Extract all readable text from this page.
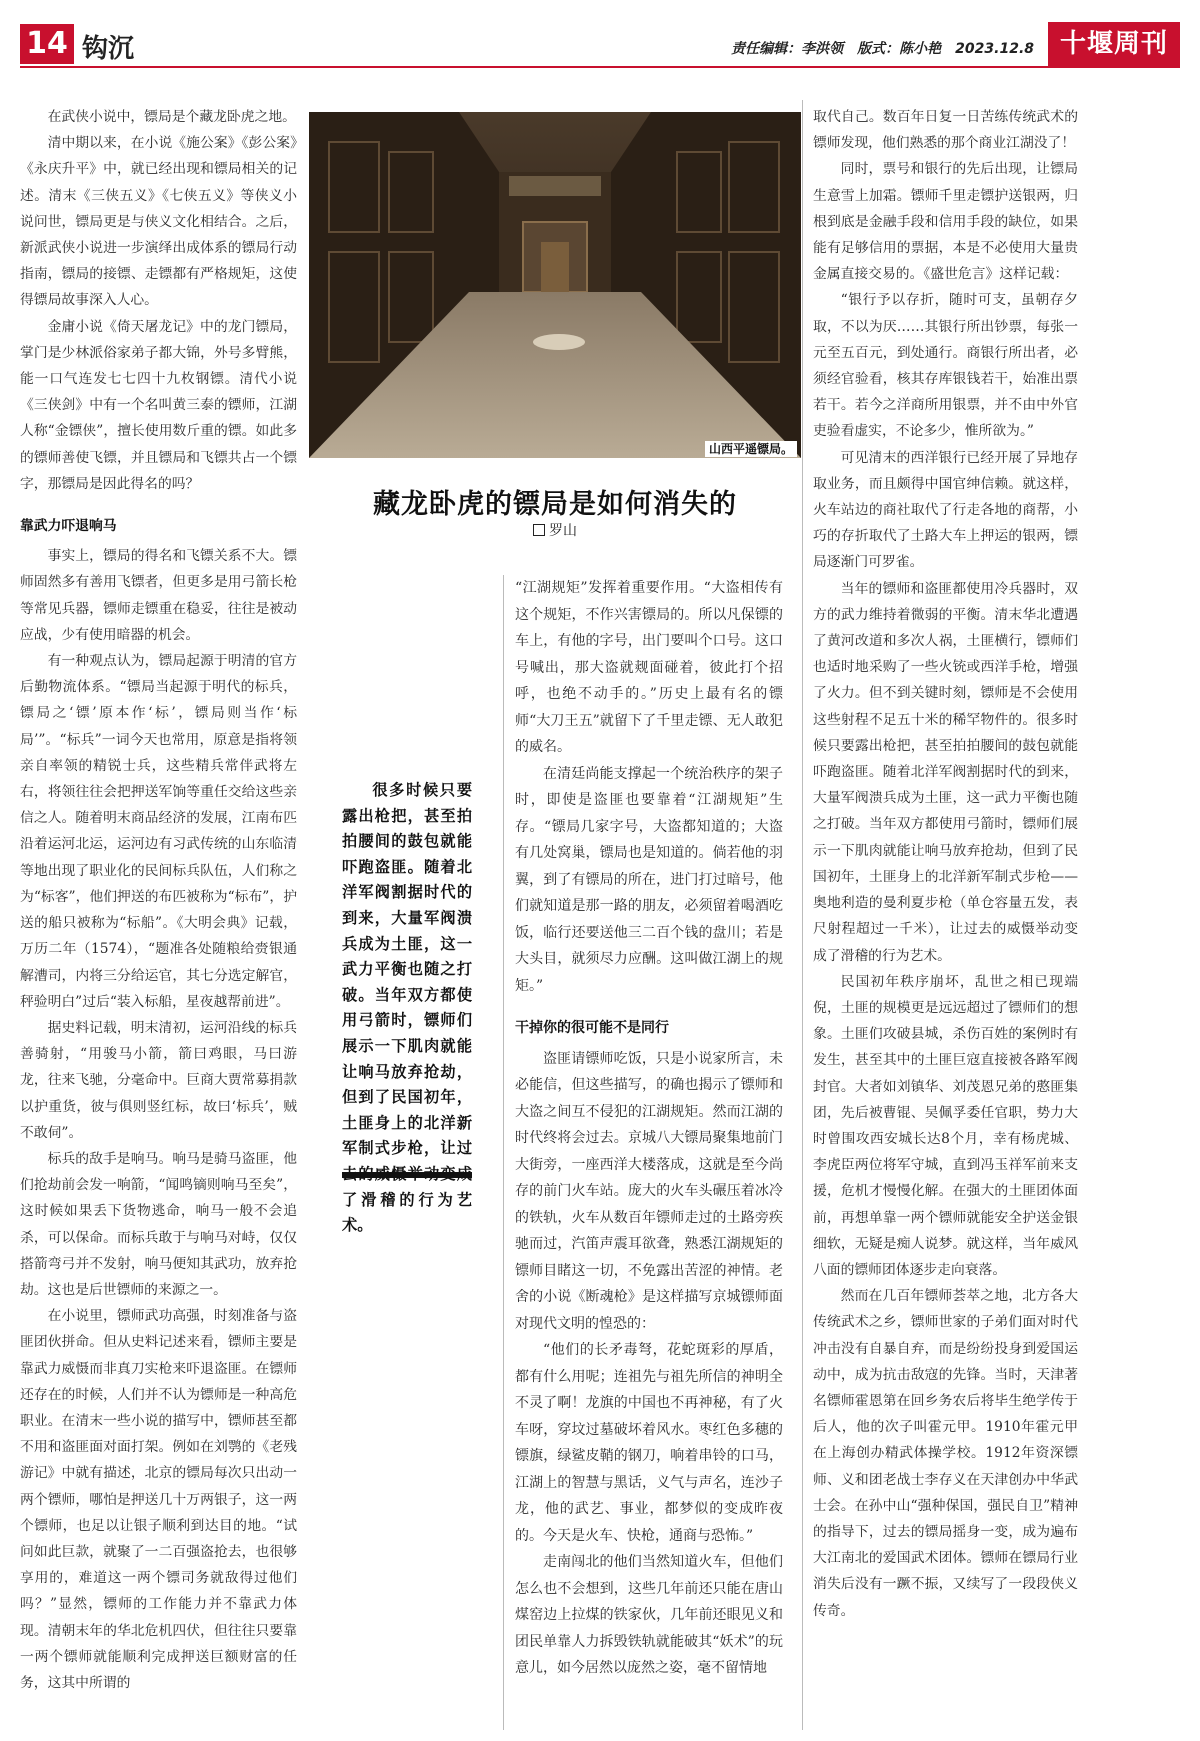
14 钩沉	责任编辑：李洪领 版式：陈小艳 2023.12.8 十堰周刊

在武侠小说中，镖局是个藏龙卧虎之地。

清中期以来，在小说《施公案》《彭公案》《永庆升平》中，就已经出现和镖局相关的记述。清末《三侠五义》《七侠五义》等侠义小说问世，镖局更是与侠义文化相结合。之后，新派武侠小说进一步演绎出成体系的镖局行动指南，镖局的接镖、走镖都有严格规矩，这使得镖局故事深入人心。

金庸小说《倚天屠龙记》中的龙门镖局，掌门是少林派俗家弟子都大锦，外号多臂熊，能一口气连发七七四十九枚钢镖。清代小说《三侠剑》中有一个名叫黄三泰的镖师，江湖人称“金镖侠”，擅长使用数斤重的镖。如此多的镖师善使飞镖，并且镖局和飞镖共占一个镖字，那镖局是因此得名的吗？

靠武力吓退响马

事实上，镖局的得名和飞镖关系不大。镖师固然多有善用飞镖者，但更多是用弓箭长枪等常见兵器，镖师走镖重在稳妥，往往是被动应战，少有使用暗器的机会。

有一种观点认为，镖局起源于明清的官方后勤物流体系。“镖局当起源于明代的标兵，镖局之‘镖’原本作‘标’，镖局则当作‘标局’”。“标兵”一词今天也常用，原意是指将领亲自率领的精锐士兵，这些精兵常伴武将左右，将领往往会把押送军饷等重任交给这些亲信之人。随着明末商品经济的发展，江南布匹沿着运河北运，运河边有习武传统的山东临清等地出现了职业化的民间标兵队伍，人们称之为“标客”，他们押送的布匹被称为“标布”，护送的船只被称为“标船”。《大明会典》记载，万历二年（1574），“题准各处随粮给赍银通解漕司，内将三分给运官，其七分选定解官，秤验明白”过后“装入标船，星夜越帮前进”。

据史料记载，明末清初，运河沿线的标兵善骑射，“用骏马小箭，箭曰鸡眼，马曰游龙，往来飞驰，分毫命中。巨商大贾常募捐款以护重货，彼与俱则竖红标，故曰‘标兵’，贼不敢伺”。

标兵的敌手是响马。响马是骑马盗匪，他们抢劫前会发一响箭，“闻鸣镝则响马至矣”，这时候如果丢下货物逃命，响马一般不会追杀，可以保命。而标兵敢于与响马对峙，仅仅搭箭弯弓并不发射，响马便知其武功，放弃抢劫。这也是后世镖师的来源之一。

在小说里，镖师武功高强，时刻准备与盗匪团伙拼命。但从史料记述来看，镖师主要是靠武力威慑而非真刀实枪来吓退盗匪。在镖师还存在的时候，人们并不认为镖师是一种高危职业。在清末一些小说的描写中，镖师甚至都不用和盗匪面对面打架。例如在刘鹗的《老残游记》中就有描述，北京的镖局每次只出动一两个镖师，哪怕是押送几十万两银子，这一两个镖师，也足以让银子顺利到达目的地。“试问如此巨款，就聚了一二百强盗抢去，也很够享用的，难道这一两个镖司务就敌得过他们吗？”显然，镖师的工作能力并不靠武力体现。清朝末年的华北危机四伏，但往往只要靠一两个镖师就能顺利完成押送巨额财富的任务，这其中所谓的

山西平遥镖局。
藏龙卧虎的镖局是如何消失的
罗山

很多时候只要露出枪把，甚至拍拍腰间的鼓包就能吓跑盗匪。随着北洋军阀割据时代的到来，大量军阀溃兵成为土匪，这一武力平衡也随之打破。当年双方都使用弓箭时，镖师们展示一下肌肉就能让响马放弃抢劫，但到了民国初年，土匪身上的北洋新军制式步枪，让过 了滑稽的行为艺术。

“江湖规矩”发挥着重要作用。“大盗相传有这个规矩，不作兴害镖局的。所以凡保镖的车上，有他的字号，出门要叫个口号。这口号喊出，那大盗就觌面碰着，彼此打个招呼，也绝不动手的。”历史上最有名的镖师“大刀王五”就留下了千里走镖、无人敢犯的威名。

在清廷尚能支撑起一个统治秩序的架子时，即使是盗匪也要靠着“江湖规矩”生存。“镖局几家字号，大盗都知道的；大盗有几处窝巢，镖局也是知道的。倘若他的羽翼，到了有镖局的所在，进门打过暗号，他们就知道是那一路的朋友，必须留着喝酒吃饭，临行还要送他三二百个钱的盘川；若是大头目，就须尽力应酬。这叫做江湖上的规矩。”

干掉你的很可能不是同行

盗匪请镖师吃饭，只是小说家所言，未必能信，但这些描写，的确也揭示了镖师和大盗之间互不侵犯的江湖规矩。然而江湖的时代终将会过去。京城八大镖局聚集地前门大街旁，一座西洋大楼落成，这就是至今尚存的前门火车站。庞大的火车头碾压着冰冷的铁轨，火车从数百年镖师走过的土路旁疾驰而过，汽笛声震耳欲聋，熟悉江湖规矩的镖师目睹这一切，不免露出苦涩的神情。老舍的小说《断魂枪》是这样描写京城镖师面对现代文明的惶恐的：

“他们的长矛毒弩，花蛇斑彩的厚盾，都有什么用呢；连祖先与祖先所信的神明全不灵了啊！龙旗的中国也不再神秘，有了火车呀，穿坟过墓破坏着风水。枣红色多穗的镖旗，绿鲨皮鞘的钢刀，响着串铃的口马，江湖上的智慧与黑话，义气与声名，连沙子龙，他的武艺、事业，都梦似的变成昨夜的。今天是火车、快枪，通商与恐怖。”

走南闯北的他们当然知道火车，但他们怎么也不会想到，这些几年前还只能在唐山煤窑边上拉煤的铁家伙，几年前还眼见义和团民单靠人力拆毁铁轨就能破其“妖术”的玩意儿，如今居然以庞然之姿，毫不留情地

取代自己。数百年日复一日苦练传统武术的镖师发现，他们熟悉的那个商业江湖没了！

同时，票号和银行的先后出现，让镖局生意雪上加霜。镖师千里走镖护送银两，归根到底是金融手段和信用手段的缺位，如果能有足够信用的票据，本是不必使用大量贵金属直接交易的。《盛世危言》这样记载：

“银行予以存折，随时可支，虽朝存夕取，不以为厌……其银行所出钞票，每张一元至五百元，到处通行。商银行所出者，必须经官验看，核其存库银钱若干，始准出票若干。若今之洋商所用银票，并不由中外官吏验看虚实，不论多少，惟所欲为。”

可见清末的西洋银行已经开展了异地存取业务，而且颇得中国官绅信赖。就这样，火车站边的商社取代了行走各地的商帮，小巧的存折取代了土路大车上押运的银两，镖局逐渐门可罗雀。

当年的镖师和盗匪都使用冷兵器时，双方的武力维持着微弱的平衡。清末华北遭遇了黄河改道和多次人祸，土匪横行，镖师们也适时地采购了一些火铳或西洋手枪，增强了火力。但不到关键时刻，镖师是不会使用这些射程不足五十米的稀罕物件的。很多时候只要露出枪把，甚至拍拍腰间的鼓包就能吓跑盗匪。随着北洋军阀割据时代的到来，大量军阀溃兵成为土匪，这一武力平衡也随之打破。当年双方都使用弓箭时，镖师们展示一下肌肉就能让响马放弃抢劫，但到了民国初年，土匪身上的北洋新军制式步枪——奥地利造的曼利夏步枪（单仓容量五发，表尺射程超过一千米），让过去的威慑举动变成了滑稽的行为艺术。

民国初年秩序崩坏，乱世之相已现端倪，土匪的规模更是远远超过了镖师们的想象。土匪们攻破县城，杀伤百姓的案例时有发生，甚至其中的土匪巨寇直接被各路军阀封官。大者如刘镇华、刘茂恩兄弟的憨匪集团，先后被曹锟、吴佩孚委任官职，势力大时曾围攻西安城长达8个月，幸有杨虎城、李虎臣两位将军守城，直到冯玉祥军前来支援，危机才慢慢化解。在强大的土匪团体面前，再想单靠一两个镖师就能安全护送金银细软，无疑是痴人说梦。就这样，当年威风八面的镖师团体逐步走向衰落。

然而在几百年镖师荟萃之地，北方各大传统武术之乡，镖师世家的子弟们面对时代冲击没有自暴自弃，而是纷纷投身到爱国运动中，成为抗击敌寇的先锋。当时，天津著名镖师霍恩第在回乡务农后将毕生绝学传于后人，他的次子叫霍元甲。1910年霍元甲在上海创办精武体操学校。1912年资深镖师、义和团老战士李存义在天津创办中华武士会。在孙中山“强种保国，强民自卫”精神的指导下，过去的镖局摇身一变，成为遍布大江南北的爱国武术团体。镖师在镖局行业消失后没有一蹶不振，又续写了一段段侠义传奇。
